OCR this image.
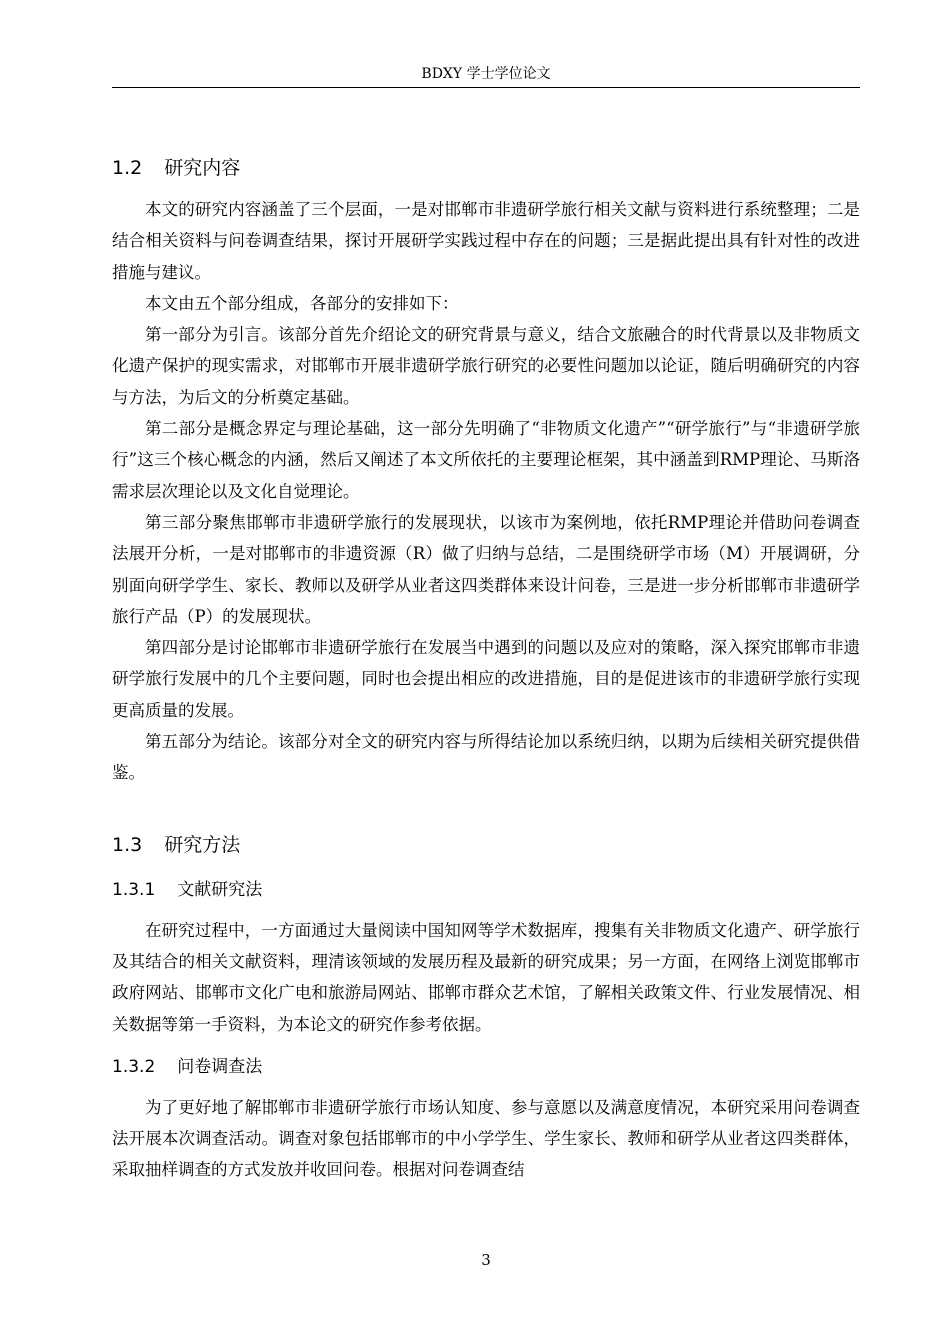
BDXY 学士学位论文
1.2 研究内容

本文的研究内容涵盖了三个层面，一是对邯郸市非遗研学旅行相关文献与资料进行系统整理；二是结合相关资料与问卷调查结果，探讨开展研学实践过程中存在的问题；三是据此提出具有针对性的改进措施与建议。

本文由五个部分组成，各部分的安排如下：

第一部分为引言。该部分首先介绍论文的研究背景与意义，结合文旅融合的时代背景以及非物质文化遗产保护的现实需求，对邯郸市开展非遗研学旅行研究的必要性问题加以论证，随后明确研究的内容与方法，为后文的分析奠定基础。

第二部分是概念界定与理论基础，这一部分先明确了“非物质文化遗产”“研学旅行”与“非遗研学旅行”这三个核心概念的内涵，然后又阐述了本文所依托的主要理论框架，其中涵盖到RMP理论、马斯洛需求层次理论以及文化自觉理论。

第三部分聚焦邯郸市非遗研学旅行的发展现状，以该市为案例地，依托RMP理论并借助问卷调查法展开分析，一是对邯郸市的非遗资源（R）做了归纳与总结，二是围绕研学市场（M）开展调研，分别面向研学学生、家长、教师以及研学从业者这四类群体来设计问卷，三是进一步分析邯郸市非遗研学旅行产品（P）的发展现状。

第四部分是讨论邯郸市非遗研学旅行在发展当中遇到的问题以及应对的策略，深入探究邯郸市非遗研学旅行发展中的几个主要问题，同时也会提出相应的改进措施，目的是促进该市的非遗研学旅行实现更高质量的发展。

第五部分为结论。该部分对全文的研究内容与所得结论加以系统归纳，以期为后续相关研究提供借鉴。

1.3 研究方法
1.3.1 文献研究法

在研究过程中，一方面通过大量阅读中国知网等学术数据库，搜集有关非物质文化遗产、研学旅行及其结合的相关文献资料，理清该领域的发展历程及最新的研究成果；另一方面，在网络上浏览邯郸市政府网站、邯郸市文化广电和旅游局网站、邯郸市群众艺术馆，了解相关政策文件、行业发展情况、相关数据等第一手资料，为本论文的研究作参考依据。

1.3.2 问卷调查法

为了更好地了解邯郸市非遗研学旅行市场认知度、参与意愿以及满意度情况，本研究采用问卷调查法开展本次调查活动。调查对象包括邯郸市的中小学学生、学生家长、教师和研学从业者这四类群体，采取抽样调查的方式发放并收回问卷。根据对问卷调查结

3
